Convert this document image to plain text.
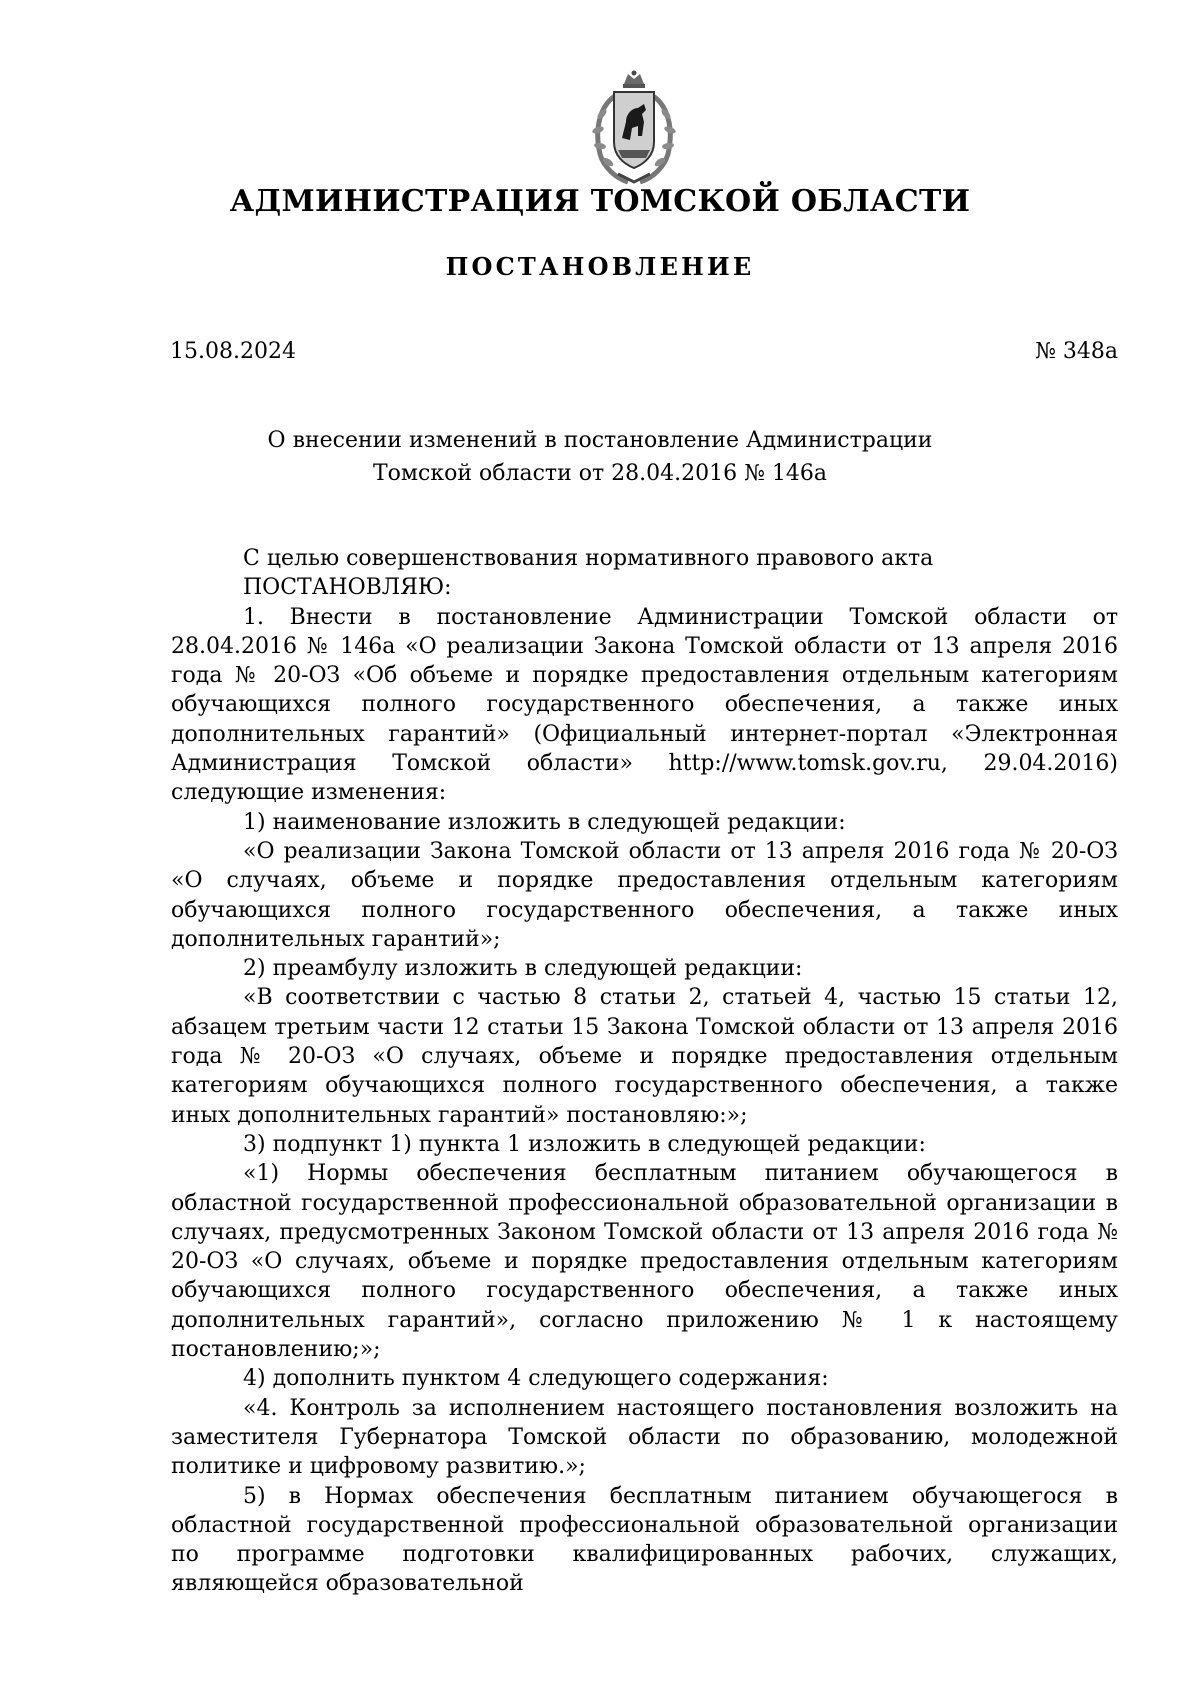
АДМИНИСТРАЦИЯ ТОМСКОЙ ОБЛАСТИ
ПОСТАНОВЛЕНИЕ
15.08.2024	№ 348а
О внесении изменений в постановление Администрации
Томской области от 28.04.2016 № 146а

С целью совершенствования нормативного правового акта

ПОСТАНОВЛЯЮ:

1. Внести в постановление Администрации Томской области от 28.04.2016 № 146а «О реализации Закона Томской области от 13 апреля 2016 года № 20-ОЗ «Об объеме и порядке предоставления отдельным категориям обучающихся полного государственного обеспечения, а также иных дополнительных гарантий» (Официальный интернет-портал «Электронная Администрация Томской области» http://www.tomsk.gov.ru, 29.04.2016) следующие изменения:

1) наименование изложить в следующей редакции:

«О реализации Закона Томской области от 13 апреля 2016 года № 20-ОЗ «О случаях, объеме и порядке предоставления отдельным категориям обучающихся полного государственного обеспечения, а также иных дополнительных гарантий»;

2) преамбулу изложить в следующей редакции:

«В соответствии с частью 8 статьи 2, статьей 4, частью 15 статьи 12, абзацем третьим части 12 статьи 15 Закона Томской области от 13 апреля 2016 года № 20-ОЗ «О случаях, объеме и порядке предоставления отдельным категориям обучающихся полного государственного обеспечения, а также иных дополнительных гарантий» постановляю:»;

3) подпункт 1) пункта 1 изложить в следующей редакции:

«1) Нормы обеспечения бесплатным питанием обучающегося в областной государственной профессиональной образовательной организации в случаях, предусмотренных Законом Томской области от 13 апреля 2016 года № 20-ОЗ «О случаях, объеме и порядке предоставления отдельным категориям обучающихся полного государственного обеспечения, а также иных дополнительных гарантий», согласно приложению № 1 к настоящему постановлению;»;

4) дополнить пунктом 4 следующего содержания:

«4. Контроль за исполнением настоящего постановления возложить на заместителя Губернатора Томской области по образованию, молодежной политике и цифровому развитию.»;

5) в Нормах обеспечения бесплатным питанием обучающегося в областной государственной профессиональной образовательной организации по программе подготовки квалифицированных рабочих, служащих, являющейся образовательной
